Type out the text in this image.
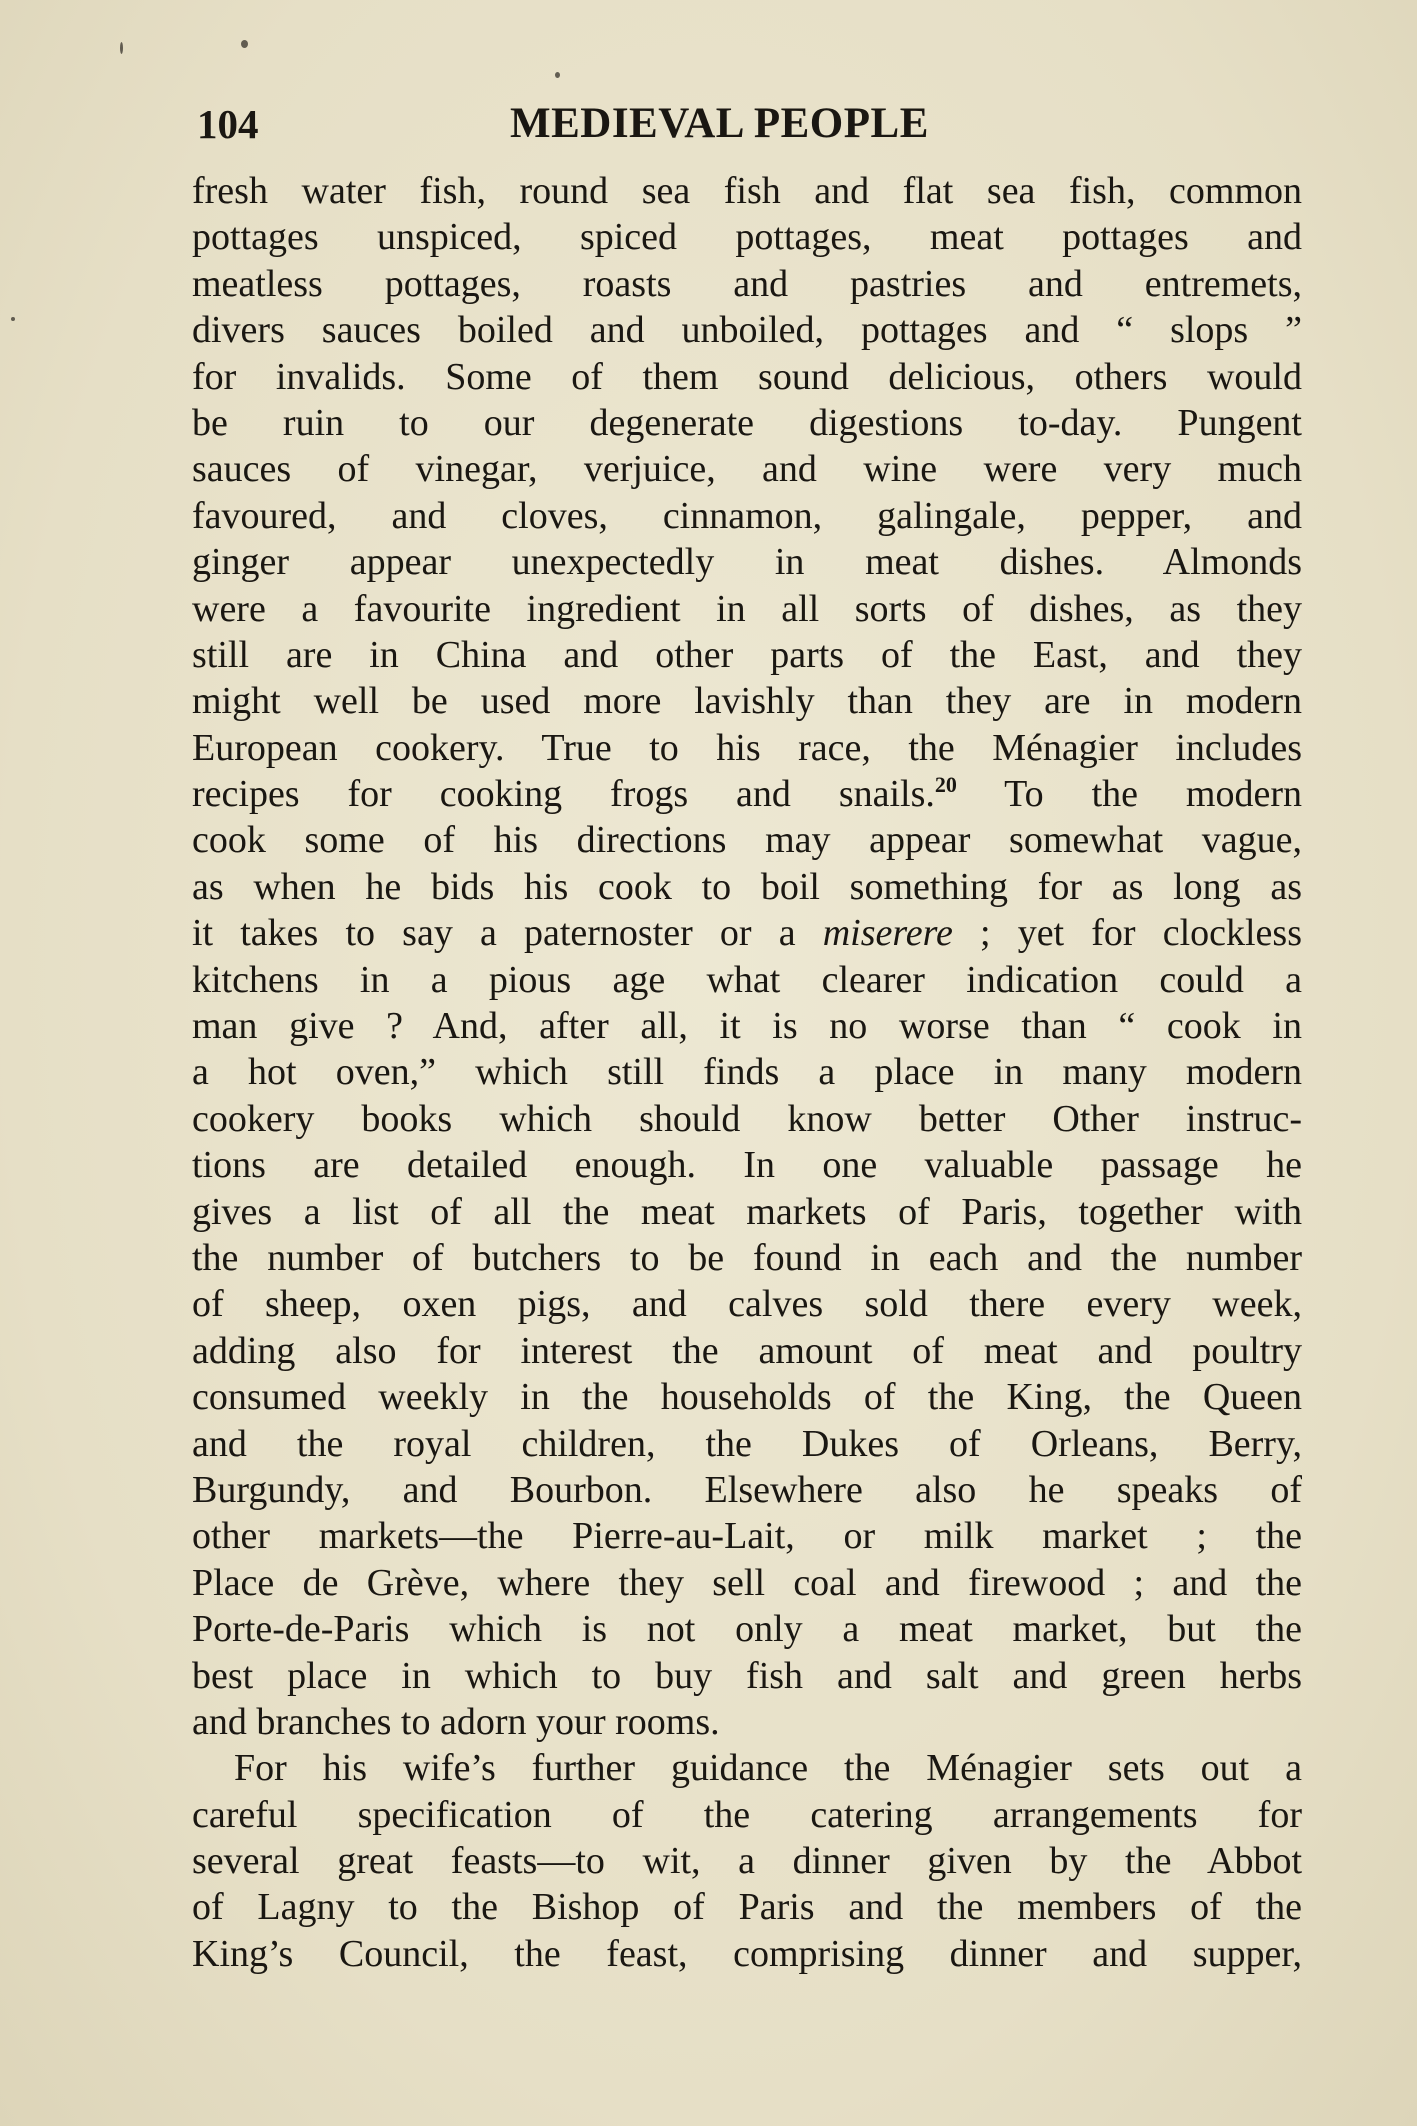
104	MEDIEVAL PEOPLE
fresh water fish, round sea fish and flat sea fish, common
pottages unspiced, spiced pottages, meat pottages and
meatless pottages, roasts and pastries and entremets,
divers sauces boiled and unboiled, pottages and “ slops ”
for invalids. Some of them sound delicious, others would
be ruin to our degenerate digestions to-day. Pungent
sauces of vinegar, verjuice, and wine were very much
favoured, and cloves, cinnamon, galingale, pepper, and
ginger appear unexpectedly in meat dishes. Almonds
were a favourite ingredient in all sorts of dishes, as they
still are in China and other parts of the East, and they
might well be used more lavishly than they are in modern
European cookery. True to his race, the Ménagier includes
recipes for cooking frogs and snails.$^{20}$ To the modern
cook some of his directions may appear somewhat vague,
as when he bids his cook to boil something for as long as
it takes to say a paternoster or a miserere ; yet for clockless
kitchens in a pious age what clearer indication could a
man give ? And, after all, it is no worse than “ cook in
a hot oven,” which still finds a place in many modern
cookery books which should know better Other instruc-
tions are detailed enough. In one valuable passage he
gives a list of all the meat markets of Paris, together with
the number of butchers to be found in each and the number
of sheep, oxen pigs, and calves sold there every week,
adding also for interest the amount of meat and poultry
consumed weekly in the households of the King, the Queen
and the royal children, the Dukes of Orleans, Berry,
Burgundy, and Bourbon. Elsewhere also he speaks of
other markets—the Pierre-au-Lait, or milk market ; the
Place de Grève, where they sell coal and firewood ; and the
Porte-de-Paris which is not only a meat market, but the
best place in which to buy fish and salt and green herbs
and branches to adorn your rooms.
For his wife’s further guidance the Ménagier sets out a
careful specification of the catering arrangements for
several great feasts—to wit, a dinner given by the Abbot
of Lagny to the Bishop of Paris and the members of the
King’s Council, the feast, comprising dinner and supper,
